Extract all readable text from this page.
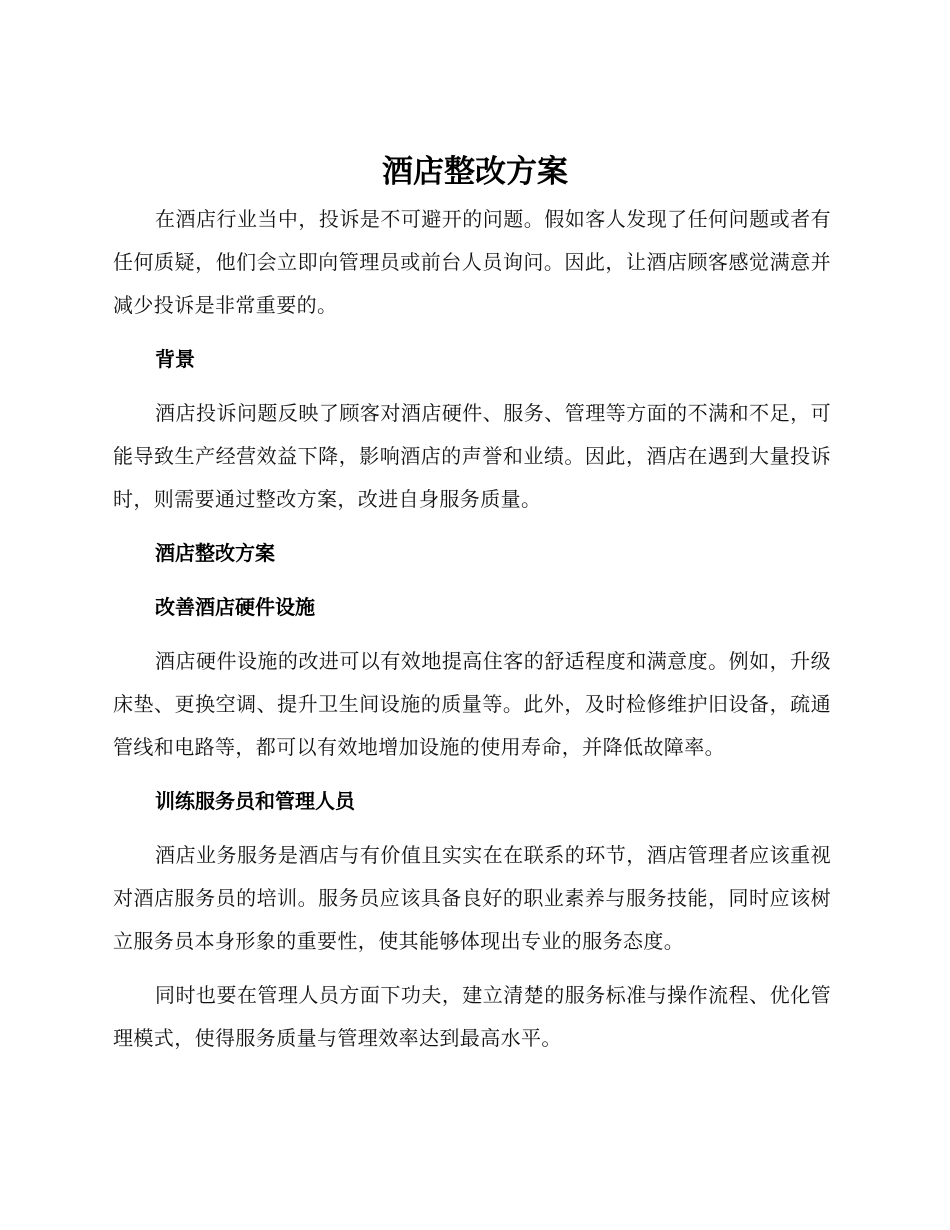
酒店整改方案

在酒店行业当中，投诉是不可避开的问题。假如客人发现了任何问题或者有任何质疑，他们会立即向管理员或前台人员询问。因此，让酒店顾客感觉满意并减少投诉是非常重要的。

背景

酒店投诉问题反映了顾客对酒店硬件、服务、管理等方面的不满和不足，可能导致生产经营效益下降，影响酒店的声誉和业绩。因此，酒店在遇到大量投诉时，则需要通过整改方案，改进自身服务质量。

酒店整改方案

改善酒店硬件设施

酒店硬件设施的改进可以有效地提高住客的舒适程度和满意度。例如，升级床垫、更换空调、提升卫生间设施的质量等。此外，及时检修维护旧设备，疏通管线和电路等，都可以有效地增加设施的使用寿命，并降低故障率。

训练服务员和管理人员

酒店业务服务是酒店与有价值且实实在在联系的环节，酒店管理者应该重视对酒店服务员的培训。服务员应该具备良好的职业素养与服务技能，同时应该树立服务员本身形象的重要性，使其能够体现出专业的服务态度。

同时也要在管理人员方面下功夫，建立清楚的服务标准与操作流程、优化管理模式，使得服务质量与管理效率达到最高水平。
